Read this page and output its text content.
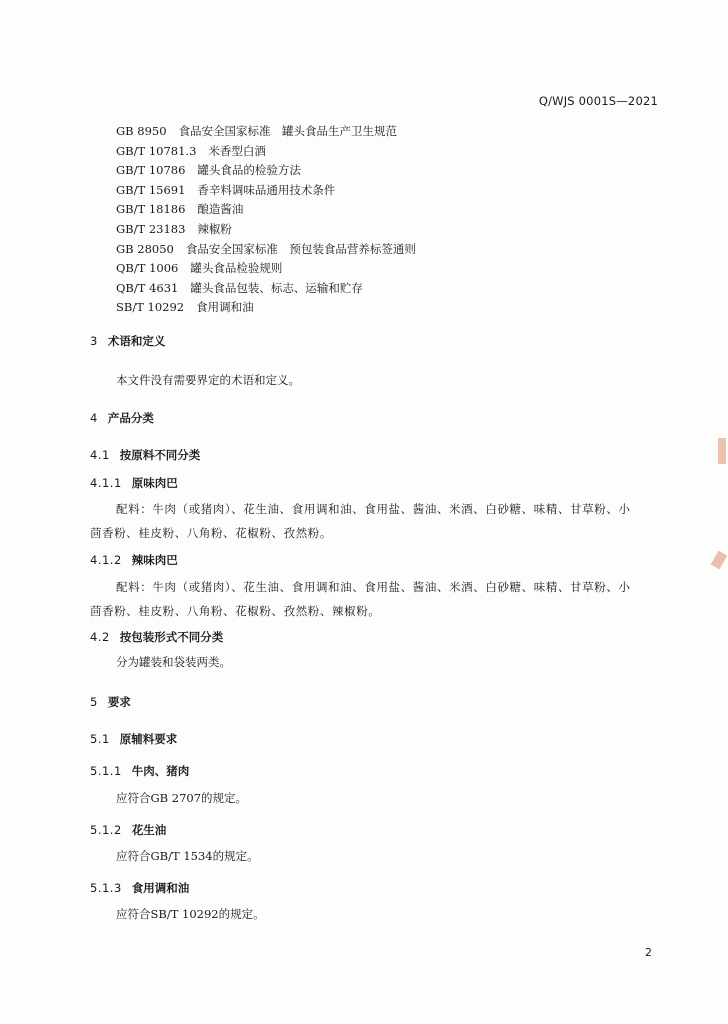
Q/WJS 0001S—2021
GB 8950 食品安全国家标准　罐头食品生产卫生规范
GB/T 10781.3 米香型白酒
GB/T 10786 罐头食品的检验方法
GB/T 15691 香辛料调味品通用技术条件
GB/T 18186 酿造酱油
GB/T 23183 辣椒粉
GB 28050 食品安全国家标准　预包装食品营养标签通则
QB/T 1006 罐头食品检验规则
QB/T 4631 罐头食品包装、标志、运输和贮存
SB/T 10292 食用调和油
3 术语和定义
本文件没有需要界定的术语和定义。
4 产品分类
4.1 按原料不同分类
4.1.1 原味肉巴
配料：牛肉（或猪肉）、花生油、食用调和油、食用盐、酱油、米酒、白砂糖、味精、甘草粉、小
茴香粉、桂皮粉、八角粉、花椒粉、孜然粉。
4.1.2 辣味肉巴
配料：牛肉（或猪肉）、花生油、食用调和油、食用盐、酱油、米酒、白砂糖、味精、甘草粉、小
茴香粉、桂皮粉、八角粉、花椒粉、孜然粉、辣椒粉。
4.2 按包装形式不同分类
分为罐装和袋装两类。
5 要求
5.1 原辅料要求
5.1.1 牛肉、猪肉
应符合GB 2707的规定。
5.1.2 花生油
应符合GB/T 1534的规定。
5.1.3 食用调和油
应符合SB/T 10292的规定。
2
